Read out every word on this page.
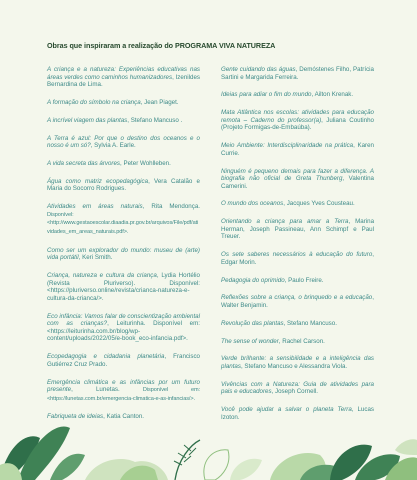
Obras que inspiraram a realização do PROGRAMA VIVA NATUREZA

A criança e a natureza: Experiências educativas nas áreas verdes como caminhos humanizadores, Izenildes Bernardina de Lima.

A formação do símbolo na criança, Jean Piaget.

A incrível viagem das plantas, Stefano Mancuso .

A Terra é azul: Por que o destino dos oceanos e o nosso é um só?, Sylvia A. Earle.

A vida secreta das árvores, Peter Wohlleben.

Água como matriz ecopedagógica, Vera Catalão e Maria do Socorro Rodrigues.

Atividades em áreas naturais, Rita Mendonça. Disponível:<http://www.gestaoescolar.diaadia.pr.gov.br/arquivos/File/pdf/atividades_em_areas_naturais.pdf>.

Como ser um explorador do mundo: museu de (arte) vida portátil, Keri Smith.

Criança, natureza e cultura da criança, Lydia Hortélio (Revista Pluriverso). Disponível: <https://pluriverso.online/revista/crianca-natureza-e-cultura-da-crianca/>.

Eco infância: Vamos falar de conscientização ambiental com as crianças?, Leiturinha. Disponível em: <https://leiturinha.com.br/blog/wp-content/uploads/2022/05/e-book_eco-infancia.pdf>.

Ecopedagogia e cidadania planetária, Francisco Gutiérrez Cruz Prado.

Emergência climática e as infâncias por um futuro presente, Lunetas.	Disponível em: <https://lunetas.com.br/emergencia-climatica-e-as-infancias/>.

Fabriqueta de ideias, Katia Canton.

Gente cuidando das águas, Demóstenes Filho, Patrícia Sartini e Margarida Ferreira.

Ideias para adiar o fim do mundo, Ailton Krenak.

Mata Atlântica nos escolas: atividades para educação remota – Caderno do professor(a), Juliana Coutinho (Projeto Formigas-de-Embaúba).

Meio Ambiente: Interdisciplinaridade na prática, Karen Currie.

Ninguém é pequeno demais para fazer a diferença. A biografia não oficial de Greta Thunberg, Valentina Camerini.

O mundo dos oceanos, Jacques Yves Cousteau.

Orientando a criança para amar a Terra, Marina Herman, Joseph Passineau, Ann Schimpf e Paul Treuer.

Os sete saberes necessários à educação do futuro, Edgar Morin.

Pedagogia do oprimido, Paulo Freire.

Reflexões sobre a criança, o brinquedo e a educação, Walter Benjamin.

Revolução das plantas, Stefano Mancuso.

The sense of wonder, Rachel Carson.

Verde brilhante: a sensibilidade e a inteligência das plantas, Stefano Mancuso e Alessandra Viola.

Vivências com a Natureza: Guia de atividades para pais e educadores, Joseph Cornell.

Você pode ajudar a salvar o planeta Terra, Lucas Izoton.
